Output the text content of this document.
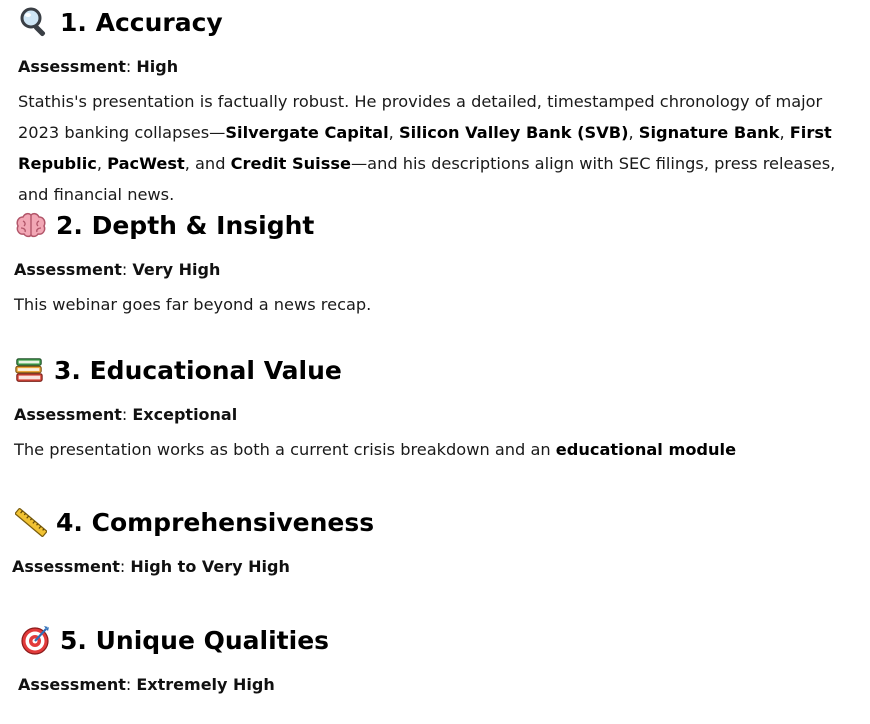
1. Accuracy

Assessment: High

Stathis's presentation is factually robust. He provides a detailed, timestamped chronology of major 2023 banking collapses—Silvergate Capital, Silicon Valley Bank (SVB), Signature Bank, First Republic, PacWest, and Credit Suisse—and his descriptions align with SEC filings, press releases, and financial news.

2. Depth & Insight

Assessment: Very High

This webinar goes far beyond a news recap.

3. Educational Value

Assessment: Exceptional

The presentation works as both a current crisis breakdown and an educational module

4. Comprehensiveness

Assessment: High to Very High

5. Unique Qualities

Assessment: Extremely High
